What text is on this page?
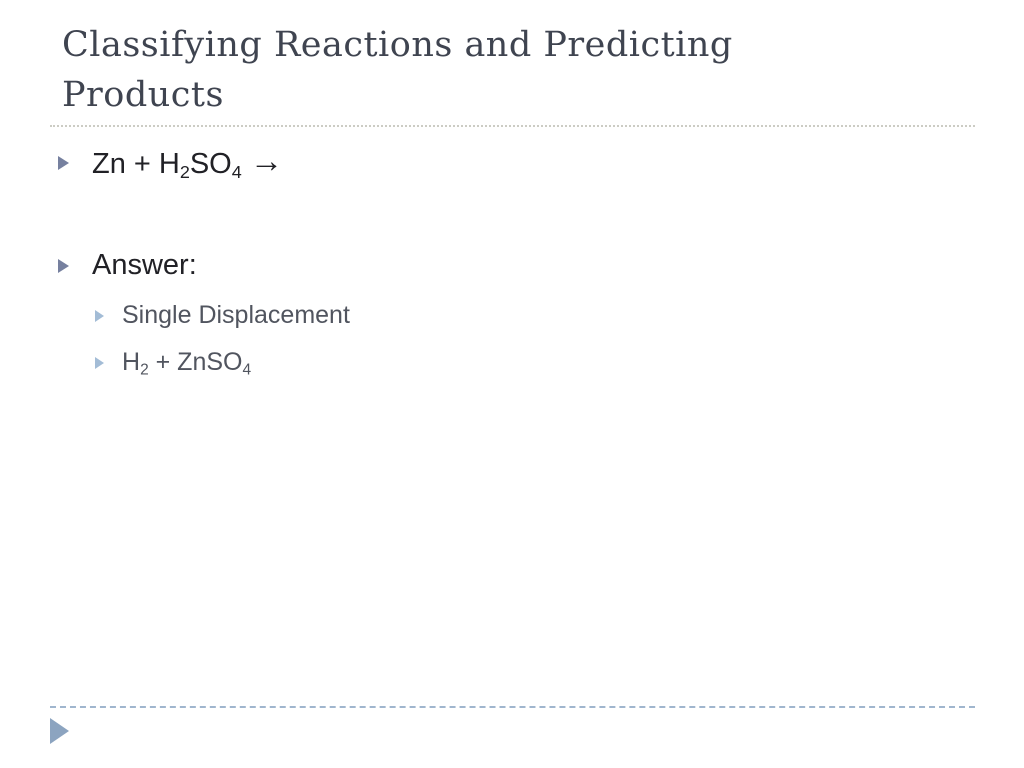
Classifying Reactions and Predicting Products
$Zn + H_2SO_4$ →
Answer:
Single Displacement
$H_2$ + ZnSO$_4$
